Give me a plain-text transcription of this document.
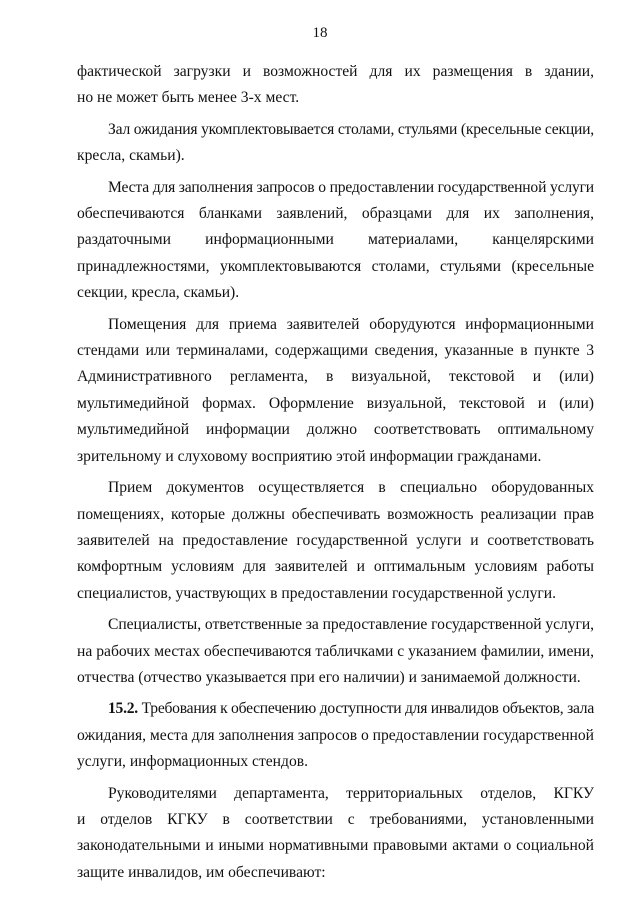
18
фактической загрузки и возможностей для их размещения в здании,
но не может быть менее 3-х мест.
Зал ожидания укомплектовывается столами, стульями (кресельные секции,
кресла, скамьи).
Места для заполнения запросов о предоставлении государственной услуги
обеспечиваются бланками заявлений, образцами для их заполнения,
раздаточными информационными материалами, канцелярскими
принадлежностями, укомплектовываются столами, стульями (кресельные
секции, кресла, скамьи).
Помещения для приема заявителей оборудуются информационными
стендами или терминалами, содержащими сведения, указанные в пункте 3
Административного регламента, в визуальной, текстовой и (или)
мультимедийной формах. Оформление визуальной, текстовой и (или)
мультимедийной информации должно соответствовать оптимальному
зрительному и слуховому восприятию этой информации гражданами.
Прием документов осуществляется в специально оборудованных
помещениях, которые должны обеспечивать возможность реализации прав
заявителей на предоставление государственной услуги и соответствовать
комфортным условиям для заявителей и оптимальным условиям работы
специалистов, участвующих в предоставлении государственной услуги.
Специалисты, ответственные за предоставление государственной услуги,
на рабочих местах обеспечиваются табличками с указанием фамилии, имени,
отчества (отчество указывается при его наличии) и занимаемой должности.
15.2. Требования к обеспечению доступности для инвалидов объектов, зала
ожидания, места для заполнения запросов о предоставлении государственной
услуги, информационных стендов.
Руководителями департамента, территориальных отделов, КГКУ
и отделов КГКУ в соответствии с требованиями, установленными
законодательными и иными нормативными правовыми актами о социальной
защите инвалидов, им обеспечивают:
